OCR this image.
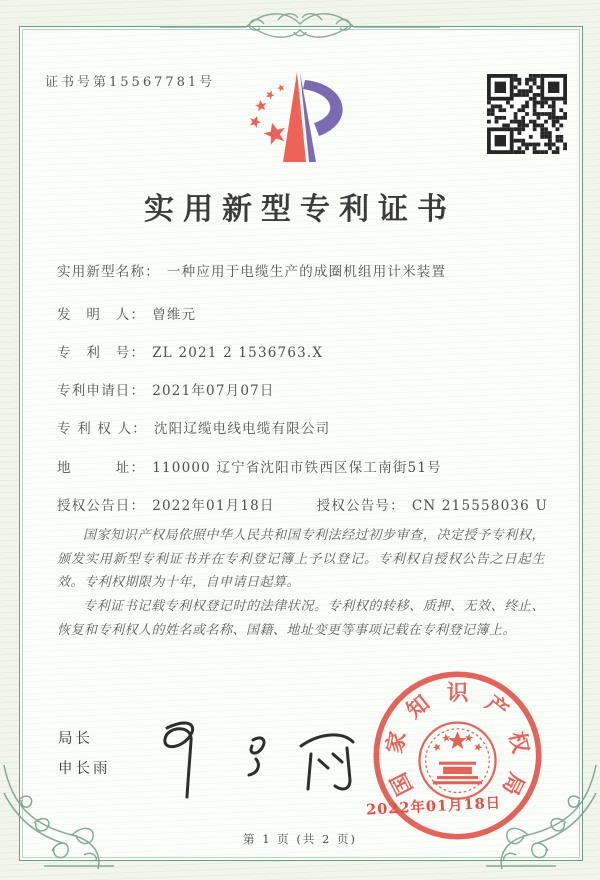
证书号第15567781号
实用新型专利证书
实用新型名称： 一种应用于电缆生产的成圈机组用计米装置
发　明　人： 曾维元
专　利　号： ZL 2021 2 1536763.X
专利申请日： 2021年07月07日
专 利 权 人： 沈阳辽缆电线电缆有限公司
地　　　址： 110000 辽宁省沈阳市铁西区保工南街51号
授权公告日： 2022年01月18日	授权公告号： CN 215558036 U

国家知识产权局依照中华人民共和国专利法经过初步审查，决定授予专利权，颁发实用新型专利证书并在专利登记簿上予以登记。专利权自授权公告之日起生效。专利权期限为十年，自申请日起算。

专利证书记载专利权登记时的法律状况。专利权的转移、质押、无效、终止、恢复和专利权人的姓名或名称、国籍、地址变更等事项记载在专利登记簿上。

局长
申长雨	国
家
知 识 产
权
局
2022年01月18日
第 1 页 (共 2 页)
